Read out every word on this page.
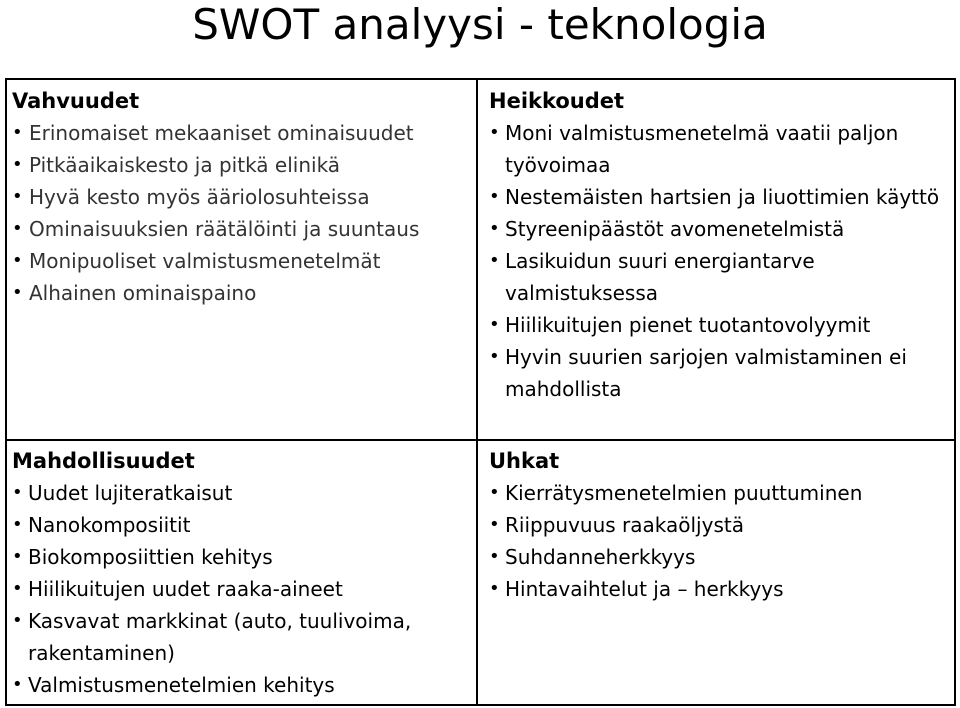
SWOT analyysi - teknologia
Vahvuudet
• Erinomaiset mekaaniset ominaisuudet
• Pitkäaikaiskesto ja pitkä elinikä
• Hyvä kesto myös ääriolosuhteissa
• Ominaisuuksien räätälöinti ja suuntaus
• Monipuoliset valmistusmenetelmät
• Alhainen ominaispaino
Heikkoudet
• Moni valmistusmenetelmä vaatii paljon työvoimaa
• Nestemäisten hartsien ja liuottimien käyttö
• Styreenipäästöt avomenetelmistä
• Lasikuidun suuri energiantarve valmistuksessa
• Hiilikuitujen pienet tuotantovolyymit
• Hyvin suurien sarjojen valmistaminen ei mahdollista
Mahdollisuudet
• Uudet lujiteratkaisut
• Nanokomposiitit
• Biokomposiittien kehitys
• Hiilikuitujen uudet raaka-aineet
• Kasvavat markkinat (auto, tuulivoima, rakentaminen)
• Valmistusmenetelmien kehitys
Uhkat
• Kierrätysmenetelmien puuttuminen
• Riippuvuus raakaöljystä
• Suhdanneherkkyys
• Hintavaihtelut ja – herkkyys
